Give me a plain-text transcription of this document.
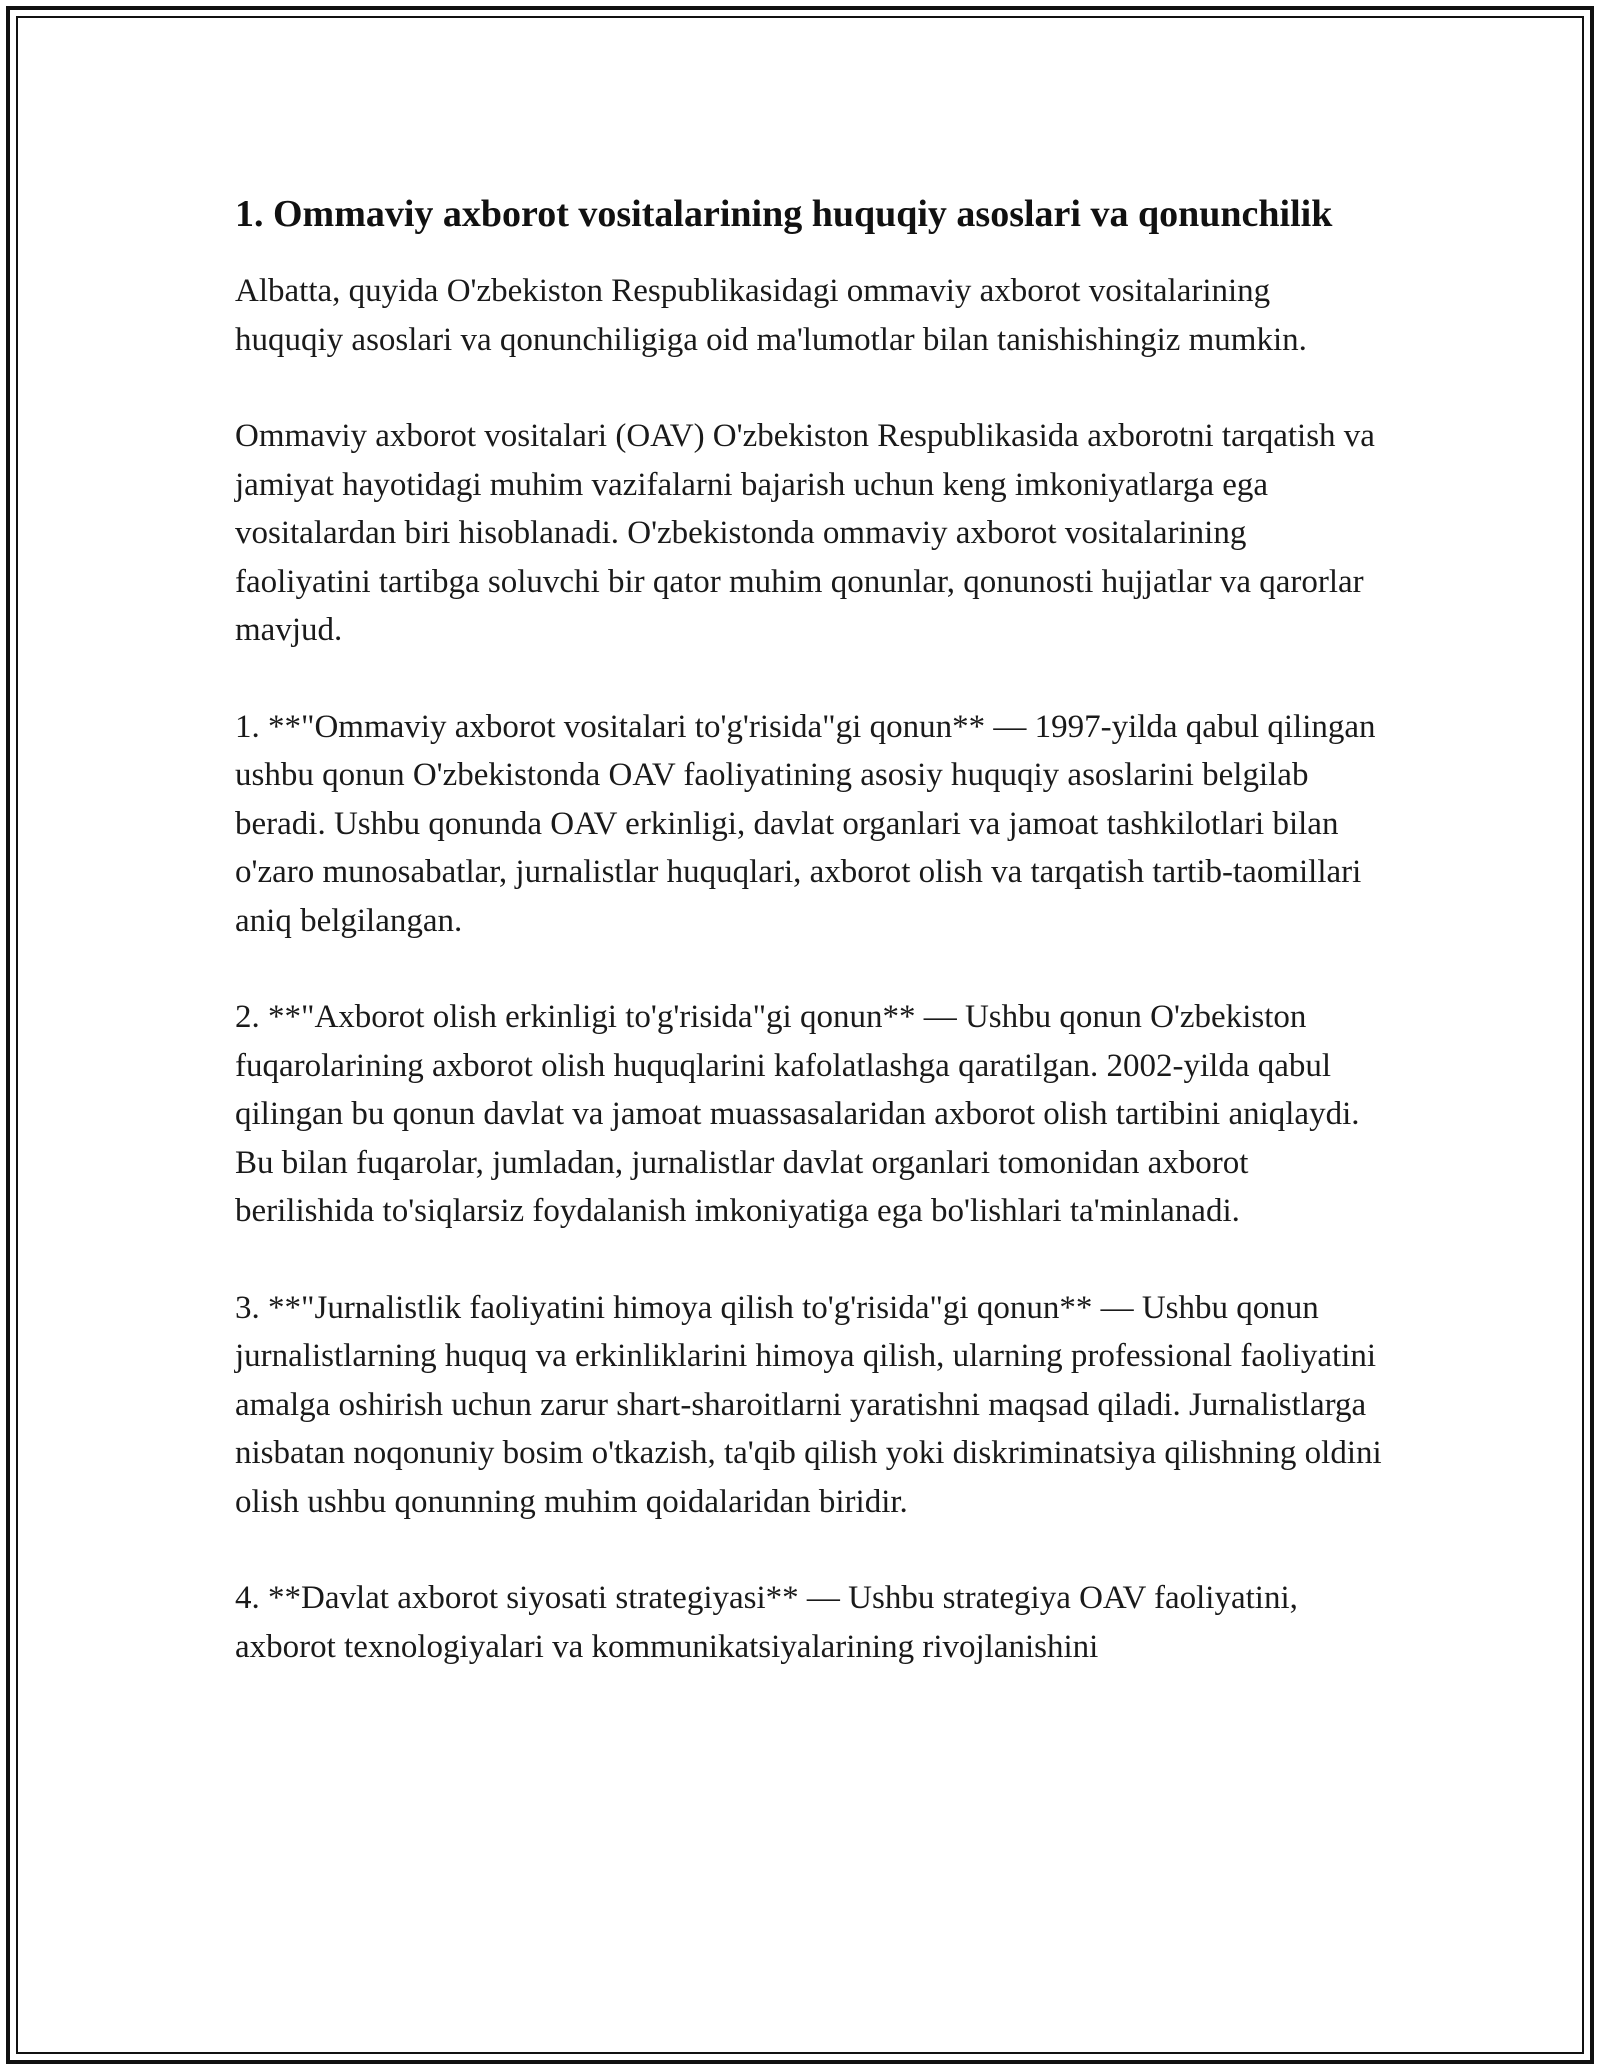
1. Ommaviy axborot vositalarining huquqiy asoslari va qonunchilik

Albatta, quyida O'zbekiston Respublikasidagi ommaviy axborot vositalarining huquqiy asoslari va qonunchiligiga oid ma'lumotlar bilan tanishishingiz mumkin.

Ommaviy axborot vositalari (OAV) O'zbekiston Respublikasida axborotni tarqatish va jamiyat hayotidagi muhim vazifalarni bajarish uchun keng imkoniyatlarga ega vositalardan biri hisoblanadi. O'zbekistonda ommaviy axborot vositalarining faoliyatini tartibga soluvchi bir qator muhim qonunlar, qonunosti hujjatlar va qarorlar mavjud.

1. **"Ommaviy axborot vositalari to'g'risida"gi qonun** — 1997-yilda qabul qilingan ushbu qonun O'zbekistonda OAV faoliyatining asosiy huquqiy asoslarini belgilab beradi. Ushbu qonunda OAV erkinligi, davlat organlari va jamoat tashkilotlari bilan o'zaro munosabatlar, jurnalistlar huquqlari, axborot olish va tarqatish tartib-taomillari aniq belgilangan.

2. **"Axborot olish erkinligi to'g'risida"gi qonun** — Ushbu qonun O'zbekiston fuqarolarining axborot olish huquqlarini kafolatlashga qaratilgan. 2002-yilda qabul qilingan bu qonun davlat va jamoat muassasalaridan axborot olish tartibini aniqlaydi. Bu bilan fuqarolar, jumladan, jurnalistlar davlat organlari tomonidan axborot berilishida to'siqlarsiz foydalanish imkoniyatiga ega bo'lishlari ta'minlanadi.

3. **"Jurnalistlik faoliyatini himoya qilish to'g'risida"gi qonun** — Ushbu qonun jurnalistlarning huquq va erkinliklarini himoya qilish, ularning professional faoliyatini amalga oshirish uchun zarur shart-sharoitlarni yaratishni maqsad qiladi. Jurnalistlarga nisbatan noqonuniy bosim o'tkazish, ta'qib qilish yoki diskriminatsiya qilishning oldini olish ushbu qonunning muhim qoidalaridan biridir.

4. **Davlat axborot siyosati strategiyasi** — Ushbu strategiya OAV faoliyatini, axborot texnologiyalari va kommunikatsiyalarining rivojlanishini
